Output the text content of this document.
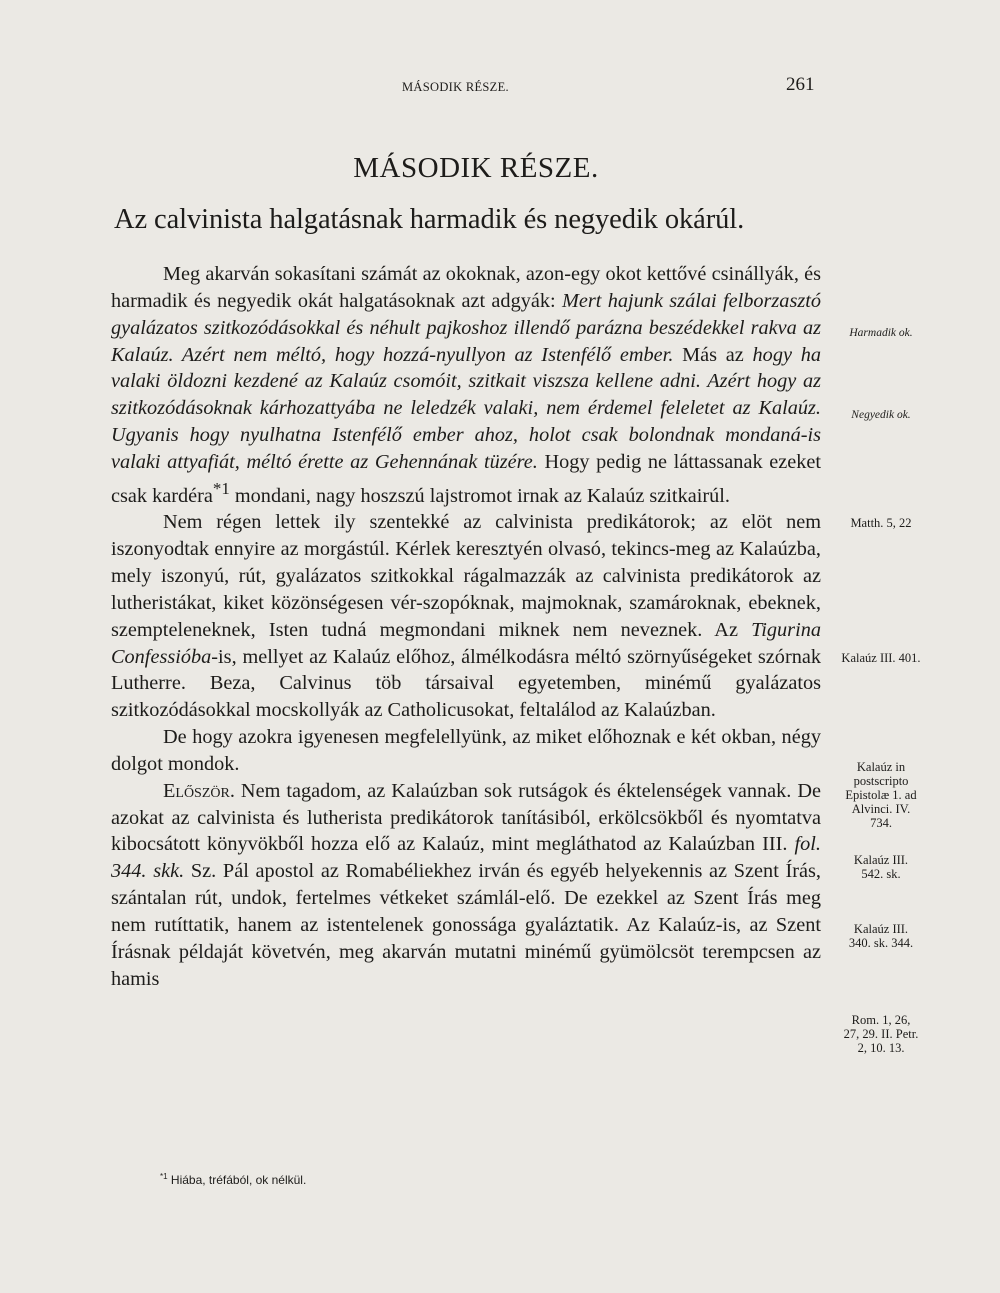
MÁSODIK RÉSZE.	261
MÁSODIK RÉSZE.
Az calvinista halgatásnak harmadik és negyedik okárúl.

Meg akarván sokasítani számát az okoknak, azon-egy okot kettővé csinállyák, és harmadik és negyedik okát halgatásoknak azt adgyák: Mert hajunk szálai felborzasztó gyalázatos szitkozódásokkal és néhult pajkoshoz illendő parázna beszédekkel rakva az Kalaúz. Azért nem méltó, hogy hozzá-nyullyon az Istenfélő ember. Más az hogy ha valaki öldozni kezdené az Kalaúz csomóit, szitkait viszsza kellene adni. Azért hogy az szitkozódásoknak kárhozattyába ne leledzék valaki, nem érdemel feleletet az Kalaúz. Ugyanis hogy nyulhatna Istenfélő ember ahoz, holot csak bolondnak mondaná-is valaki attyafiát, méltó érette az Gehennának tüzére. Hogy pedig ne láttassanak ezeket csak kardéra$^{*1}$ mondani, nagy hoszszú lajstromot irnak az Kalaúz szitkairúl.

Nem régen lettek ily szentekké az calvinista predikátorok; az elöt nem iszonyodtak ennyire az morgástúl. Kérlek keresztyén olvasó, tekincs-meg az Kalaúzba, mely iszonyú, rút, gyalázatos szitkokkal rágalmazzák az calvinista predikátorok az lutheristákat, kiket közönségesen vér-szopóknak, majmoknak, szamároknak, ebeknek, szempteleneknek, Isten tudná megmondani miknek nem neveznek. Az Tigurina Confessióba-is, mellyet az Kalaúz előhoz, álmélkodásra méltó szörnyűségeket szórnak Lutherre. Beza, Calvinus töb társaival egyetemben, minémű gyalázatos szitkozódásokkal mocskollyák az Catholicusokat, feltalálod az Kalaúzban.

De hogy azokra igyenesen megfelellyünk, az miket előhoznak e két okban, négy dolgot mondok.

Először. Nem tagadom, az Kalaúzban sok rutságok és éktelenségek vannak. De azokat az calvinista és lutherista predikátorok tanításiból, erkölcsökből és nyomtatva kibocsátott könyvökből hozza elő az Kalaúz, mint megláthatod az Kalaúzban III. fol. 344. skk. Sz. Pál apostol az Romabéliekhez irván és egyéb helyekennis az Szent Írás, szántalan rút, undok, fertelmes vétkeket számlál-elő. De ezekkel az Szent Írás meg nem rutíttatik, hanem az istentelenek gonossága gyaláztatik. Az Kalaúz-is, az Szent Írásnak példaját követvén, meg akarván mutatni minémű gyümölcsöt terempcsen az hamis

Harmadik ok.
Negyedik ok.
Matth. 5, 22
Kalaúz III. 401.
Kalaúz in
postscripto
Epistolæ 1. ad
Alvinci. IV.
734.
Kalaúz III.
542. sk.
Kalaúz III.
340. sk. 344.
Rom. 1, 26,
27, 29. II. Petr.
2, 10. 13.
$^{*1}$ Hiába, tréfából, ok nélkül.
